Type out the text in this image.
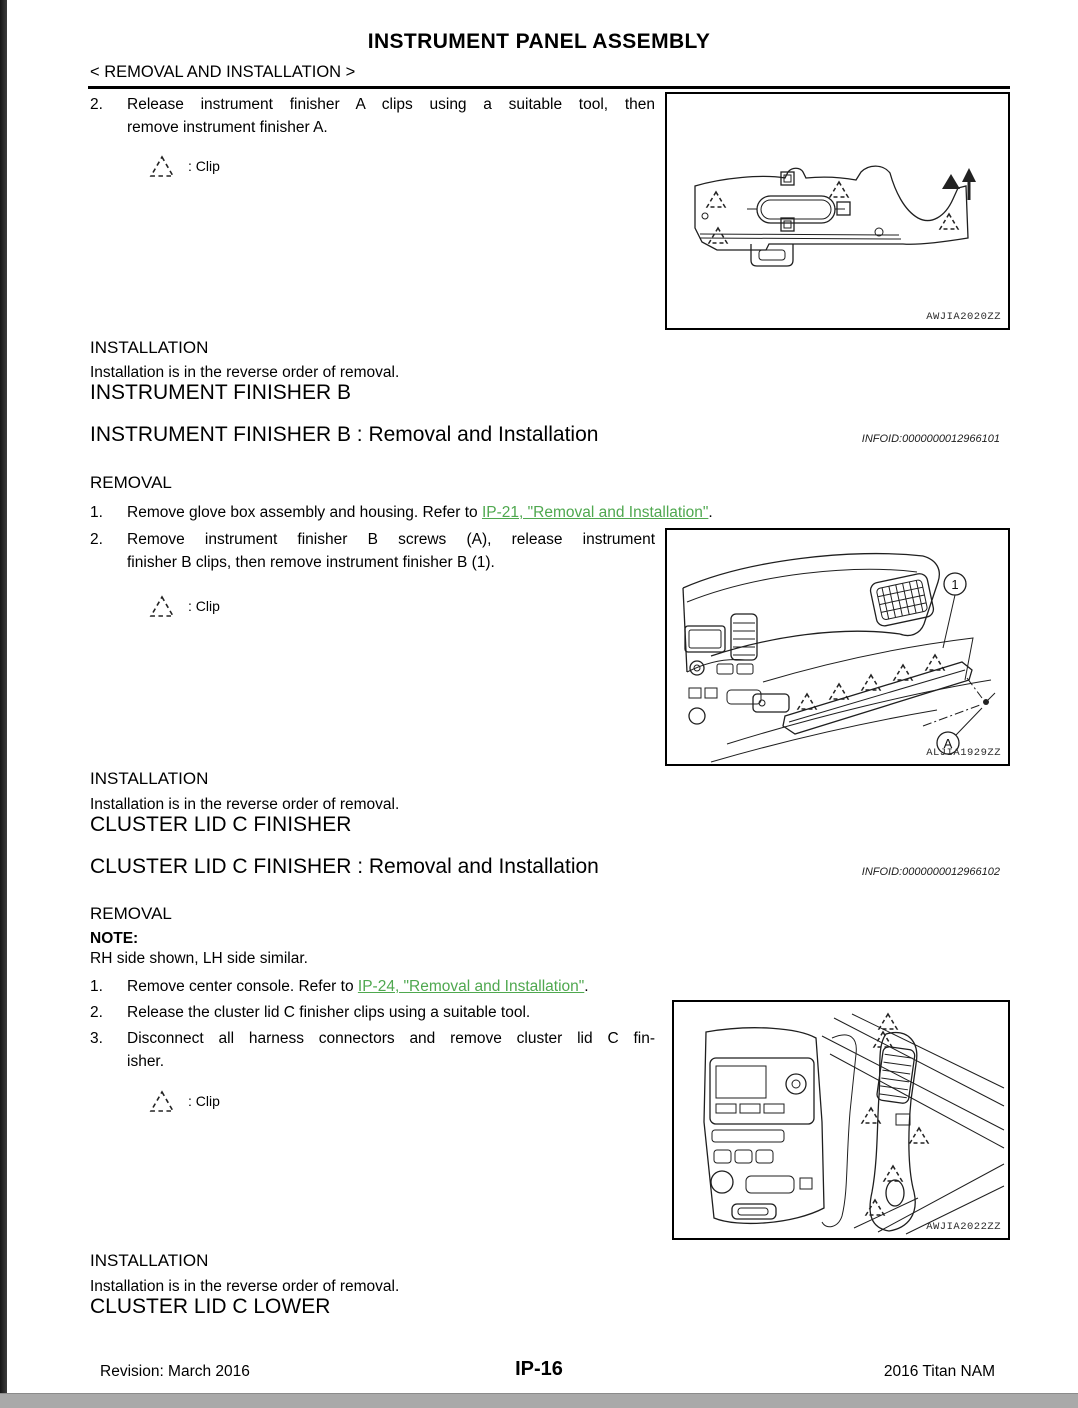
INSTRUMENT PANEL ASSEMBLY
< REMOVAL AND INSTALLATION >
2. Release instrument finisher A clips using a suitable tool, then
remove instrument finisher A.
: Clip
AWJIA2020ZZ
INSTALLATION
Installation is in the reverse order of removal.
INSTRUMENT FINISHER B
INSTRUMENT FINISHER B : Removal and Installation	INFOID:0000000012966101
REMOVAL
1. Remove glove box assembly and housing. Refer to IP-21, "Removal and Installation".
2. Remove instrument finisher B screws (A), release instrument
finisher B clips, then remove instrument finisher B (1).
: Clip
1
A
ALJIA1929ZZ
INSTALLATION
Installation is in the reverse order of removal.
CLUSTER LID C FINISHER
CLUSTER LID C FINISHER : Removal and Installation	INFOID:0000000012966102
REMOVAL
NOTE:
RH side shown, LH side similar.
1. Remove center console. Refer to IP-24, "Removal and Installation".
2. Release the cluster lid C finisher clips using a suitable tool.
3. Disconnect all harness connectors and remove cluster lid C fin-
isher.
: Clip
AWJIA2022ZZ
INSTALLATION
Installation is in the reverse order of removal.
CLUSTER LID C LOWER
Revision: March 2016	IP-16	2016 Titan NAM
